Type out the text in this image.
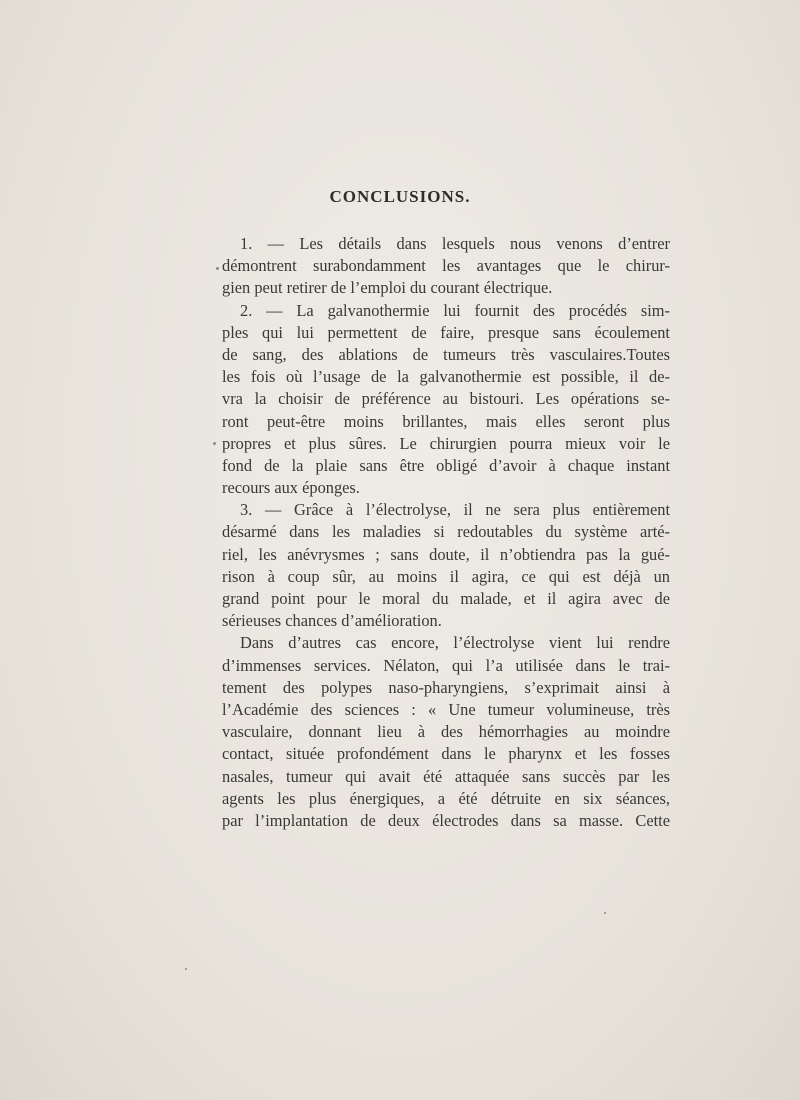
CONCLUSIONS.
1. — Les détails dans lesquels nous venons d’entrer
démontrent surabondamment les avantages que le chirur-
gien peut retirer de l’emploi du courant électrique.
2. — La galvanothermie lui fournit des procédés sim-
ples qui lui permettent de faire, presque sans écoulement
de sang, des ablations de tumeurs très vasculaires.Toutes
les fois où l’usage de la galvanothermie est possible, il de-
vra la choisir de préférence au bistouri. Les opérations se-
ront peut-être moins brillantes, mais elles seront plus
propres et plus sûres. Le chirurgien pourra mieux voir le
fond de la plaie sans être obligé d’avoir à chaque instant
recours aux éponges.
3. — Grâce à l’électrolyse, il ne sera plus entièrement
désarmé dans les maladies si redoutables du système arté-
riel, les anévrysmes ; sans doute, il n’obtiendra pas la gué-
rison à coup sûr, au moins il agira, ce qui est déjà un
grand point pour le moral du malade, et il agira avec de
sérieuses chances d’amélioration.
Dans d’autres cas encore, l’électrolyse vient lui rendre
d’immenses services. Nélaton, qui l’a utilisée dans le trai-
tement des polypes naso-pharyngiens, s’exprimait ainsi à
l’Académie des sciences : « Une tumeur volumineuse, très
vasculaire, donnant lieu à des hémorrhagies au moindre
contact, située profondément dans le pharynx et les fosses
nasales, tumeur qui avait été attaquée sans succès par les
agents les plus énergiques, a été détruite en six séances,
par l’implantation de deux électrodes dans sa masse. Cette
